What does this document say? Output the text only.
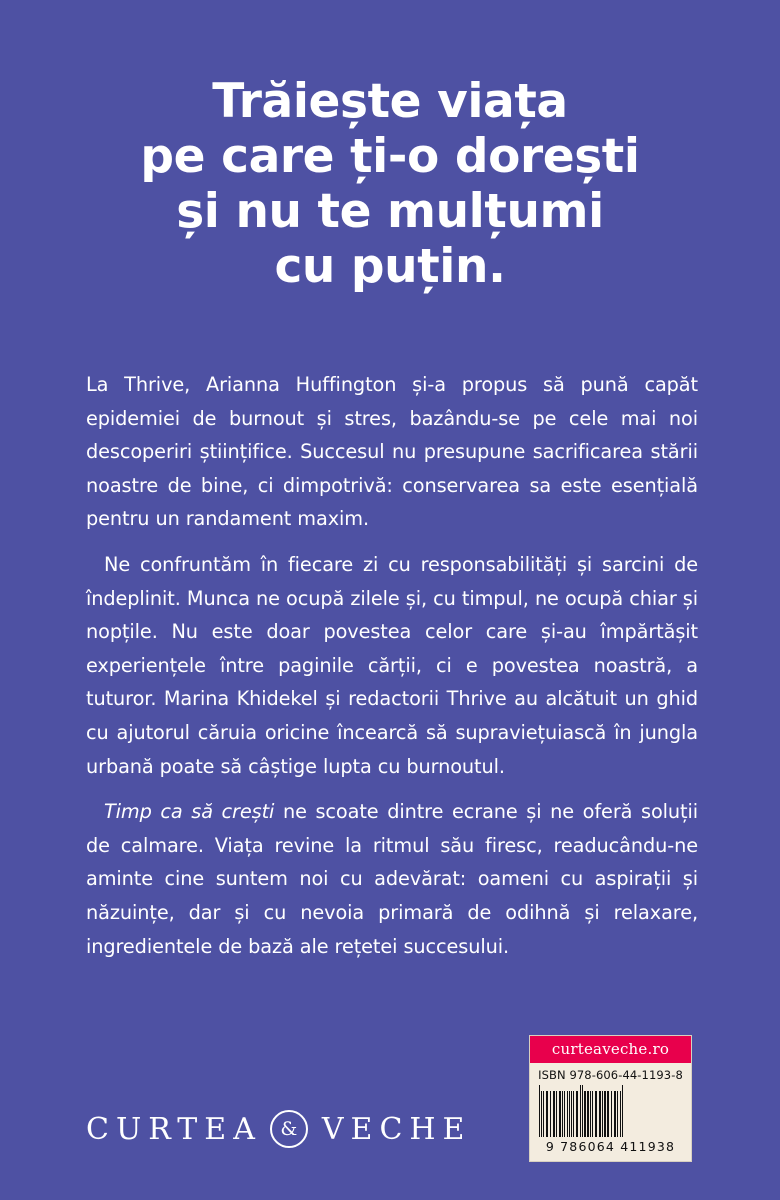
Trăiește viața
pe care ți-o dorești
și nu te mulțumi
cu puțin.

La Thrive, Arianna Huffington și-a propus să pună capăt epidemiei de burnout și stres, bazându-se pe cele mai noi descoperiri științifice. Succesul nu presupune sacrificarea stării noastre de bine, ci dimpotrivă: conservarea sa este esențială pentru un randament maxim.

Ne confruntăm în fiecare zi cu responsabilități și sarcini de îndeplinit. Munca ne ocupă zilele și, cu timpul, ne ocupă chiar și nopțile. Nu este doar povestea celor care și-au împărtășit experiențele între paginile cărții, ci e povestea noastră, a tuturor. Marina Khidekel și redactorii Thrive au alcătuit un ghid cu ajutorul căruia oricine încearcă să supraviețuiască în jungla urbană poate să câștige lupta cu burnoutul.

Timp ca să crești ne scoate dintre ecrane și ne oferă soluții de calmare. Viața revine la ritmul său firesc, readucându-ne aminte cine suntem noi cu adevărat: oameni cu aspirații și năzuințe, dar și cu nevoia primară de odihnă și relaxare, ingredientele de bază ale rețetei succesului.

CURTEA & VECHE
curteaveche.ro
ISBN 978-606-44-1193-8
9 786064 411938
